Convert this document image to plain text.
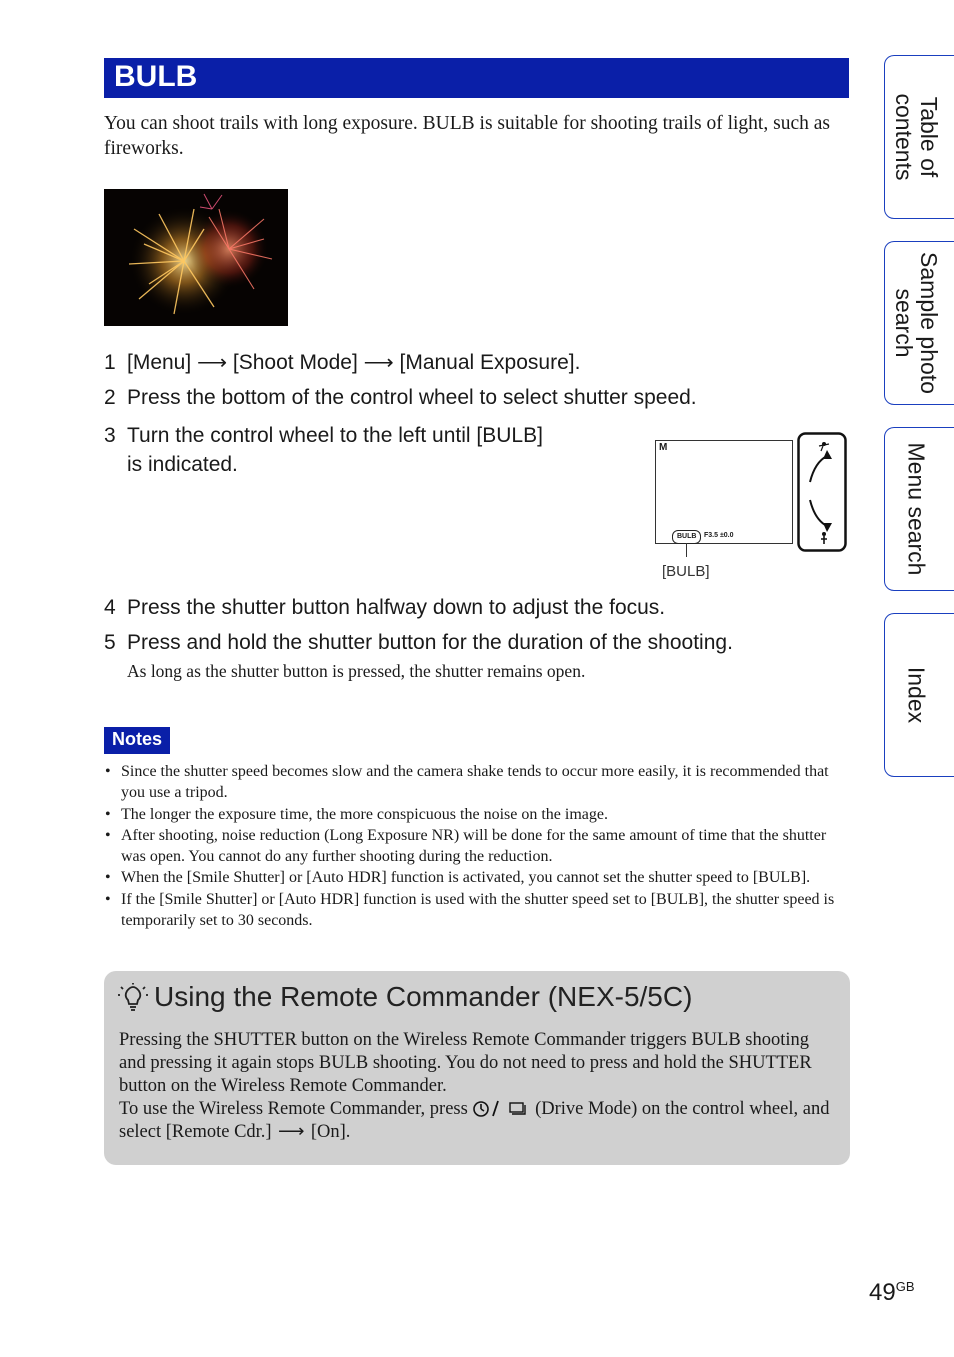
BULB
You can shoot trails with long exposure. BULB is suitable for shooting trails of light, such as fireworks.
1 [Menu] ⟶ [Shoot Mode] ⟶ [Manual Exposure].
2 Press the bottom of the control wheel to select shutter speed.
3 Turn the control wheel to the left until [BULB]
is indicated.
M
BULB	F3.5 ±0.0
[BULB]
4 Press the shutter button halfway down to adjust the focus.
5 Press and hold the shutter button for the duration of the shooting.
As long as the shutter button is pressed, the shutter remains open.
Notes
• Since the shutter speed becomes slow and the camera shake tends to occur more easily, it is recommended that you use a tripod.
• The longer the exposure time, the more conspicuous the noise on the image.
• After shooting, noise reduction (Long Exposure NR) will be done for the same amount of time that the shutter was open. You cannot do any further shooting during the reduction.
• When the [Smile Shutter] or [Auto HDR] function is activated, you cannot set the shutter speed to [BULB].
• If the [Smile Shutter] or [Auto HDR] function is used with the shutter speed set to [BULB], the shutter speed is temporarily set to 30 seconds.
Using the Remote Commander (NEX-5/5C)
Pressing the SHUTTER button on the Wireless Remote Commander triggers BULB shooting and pressing it again stops BULB shooting. You do not need to press and hold the SHUTTER button on the Wireless Remote Commander.
To use the Wireless Remote Commander, press	(Drive Mode) on the control wheel, and select [Remote Cdr.] ⟶ [On].
Table of
contents
Sample photo
search
Menu search
Index
$49^{GB}$
